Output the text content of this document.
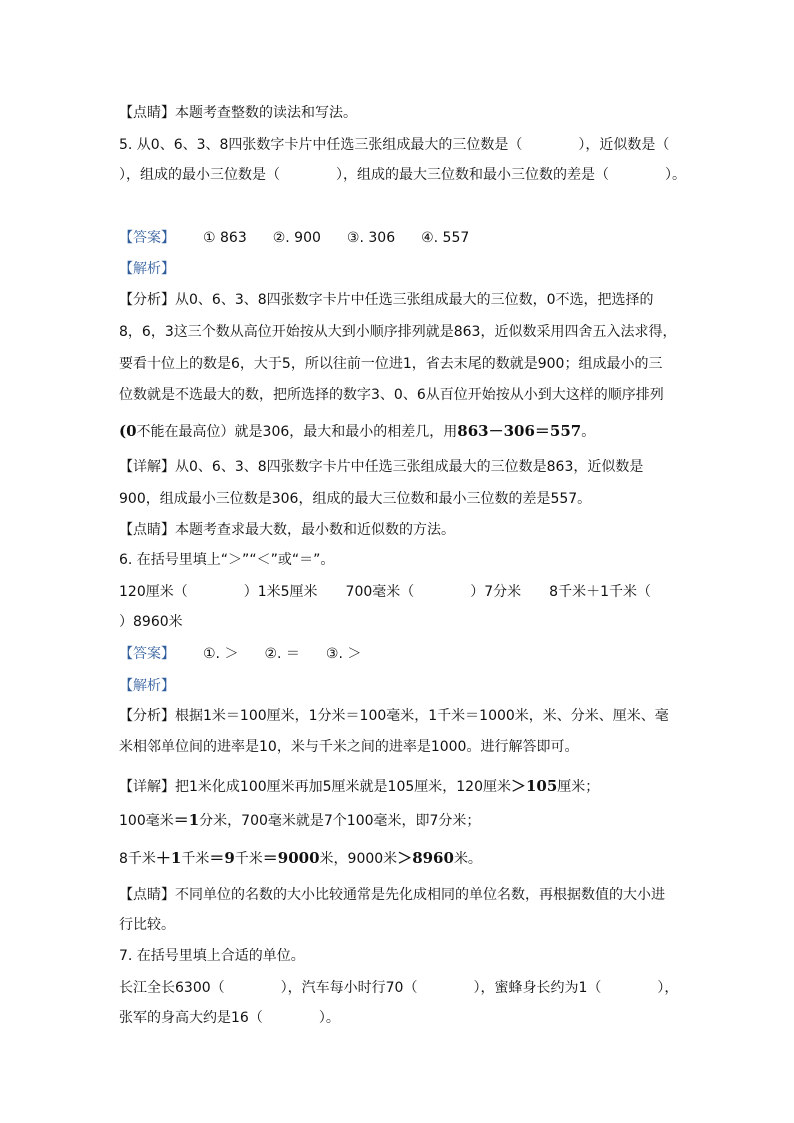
【点睛】本题考查整数的读法和写法。
5. 从0、6、3、8四张数字卡片中任选三张组成最大的三位数是（　　　　），近似数是（
），组成的最小三位数是（　　　　），组成的最大三位数和最小三位数的差是（　　　　）。
【答案】 ① 863 ②. 900 ③. 306 ④. 557
【解析】
【分析】从0、6、3、8四张数字卡片中任选三张组成最大的三位数，0不选，把选择的
8，6，3这三个数从高位开始按从大到小顺序排列就是863，近似数采用四舍五入法求得，
要看十位上的数是6，大于5，所以往前一位进1，省去末尾的数就是900；组成最小的三
位数就是不选最大的数，把所选择的数字3、0、6从百位开始按从小到大这样的顺序排列
(0不能在最高位）就是306，最大和最小的相差几，用863－306＝557。
【详解】从0、6、3、8四张数字卡片中任选三张组成最大的三位数是863，近似数是
900，组成最小三位数是306，组成的最大三位数和最小三位数的差是557。
【点睛】本题考查求最大数，最小数和近似数的方法。
6. 在括号里填上“＞”“＜”或“＝”。
120厘米（　　　　）1米5厘米　　700毫米（　　　　）7分米　　8千米＋1千米（
）8960米
【答案】 ①. ＞ ②. ＝ ③. ＞
【解析】
【分析】根据1米＝100厘米，1分米＝100毫米，1千米＝1000米，米、分米、厘米、毫
米相邻单位间的进率是10，米与千米之间的进率是1000。进行解答即可。
【详解】把1米化成100厘米再加5厘米就是105厘米，120厘米＞105厘米；
100毫米＝1分米，700毫米就是7个100毫米，即7分米；
8千米＋1千米＝9千米＝9000米，9000米＞8960米。
【点睛】不同单位的名数的大小比较通常是先化成相同的单位名数，再根据数值的大小进
行比较。
7. 在括号里填上合适的单位。
长江全长6300（　　　　），汽车每小时行70（　　　　），蜜蜂身长约为1（　　　　），
张军的身高大约是16（　　　　）。
